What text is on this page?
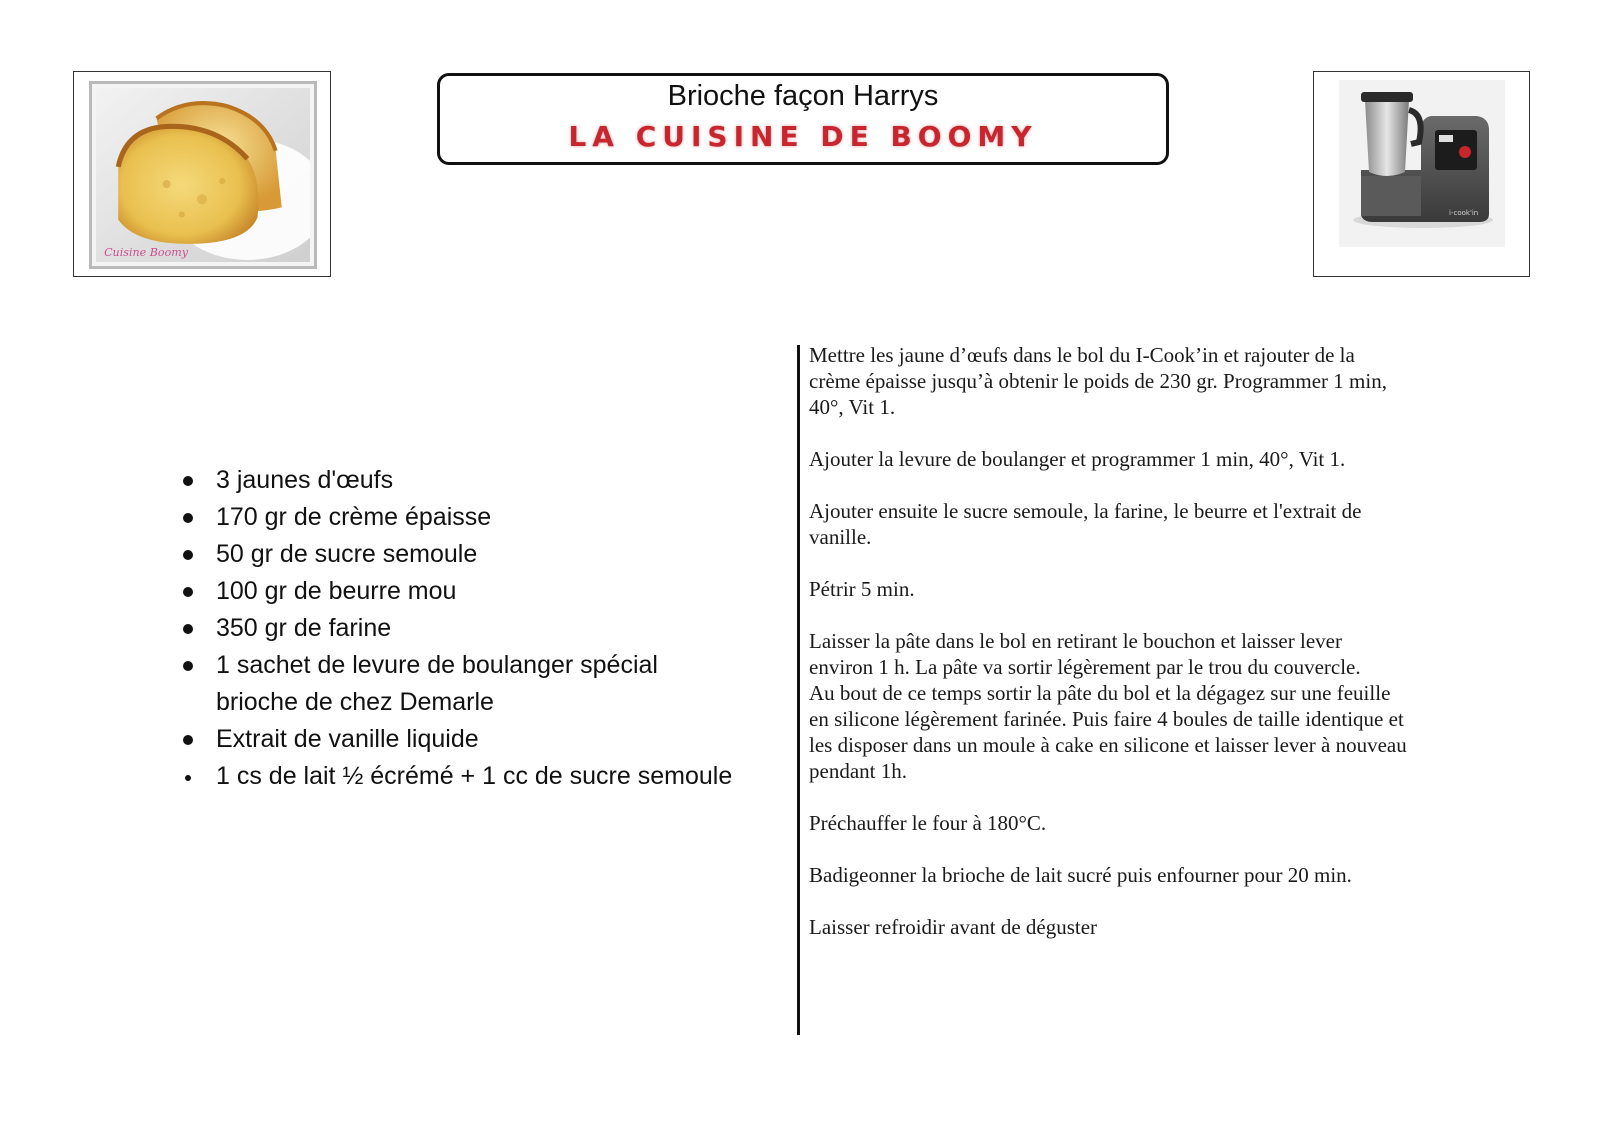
Cuisine Boomy
Brioche façon Harrys
LA CUISINE DE BOOMY
i-cook'in
3 jaunes d'œufs
170 gr de crème épaisse
50 gr de sucre semoule
100 gr de beurre mou
350 gr de farine
1 sachet de levure de boulanger spécial brioche de chez Demarle
Extrait de vanille liquide
1 cs de lait ½ écrémé + 1 cc de sucre semoule

Mettre les jaune d’œufs dans le bol du I-Cook’in et rajouter de la crème épaisse jusqu’à obtenir le poids de 230 gr. Programmer 1 min, 40°, Vit 1.

Ajouter la levure de boulanger et programmer 1 min, 40°, Vit 1.

Ajouter ensuite le sucre semoule, la farine, le beurre et l'extrait de vanille.

Pétrir 5 min.

Laisser la pâte dans le bol en retirant le bouchon et laisser lever environ 1 h. La pâte va sortir légèrement par le trou du couvercle.

Au bout de ce temps sortir la pâte du bol et la dégagez sur une feuille en silicone légèrement farinée. Puis faire 4 boules de taille identique et les disposer dans un moule à cake en silicone et laisser lever à nouveau pendant 1h.

Préchauffer le four à 180°C.

Badigeonner la brioche de lait sucré puis enfourner pour 20 min.

Laisser refroidir avant de déguster
